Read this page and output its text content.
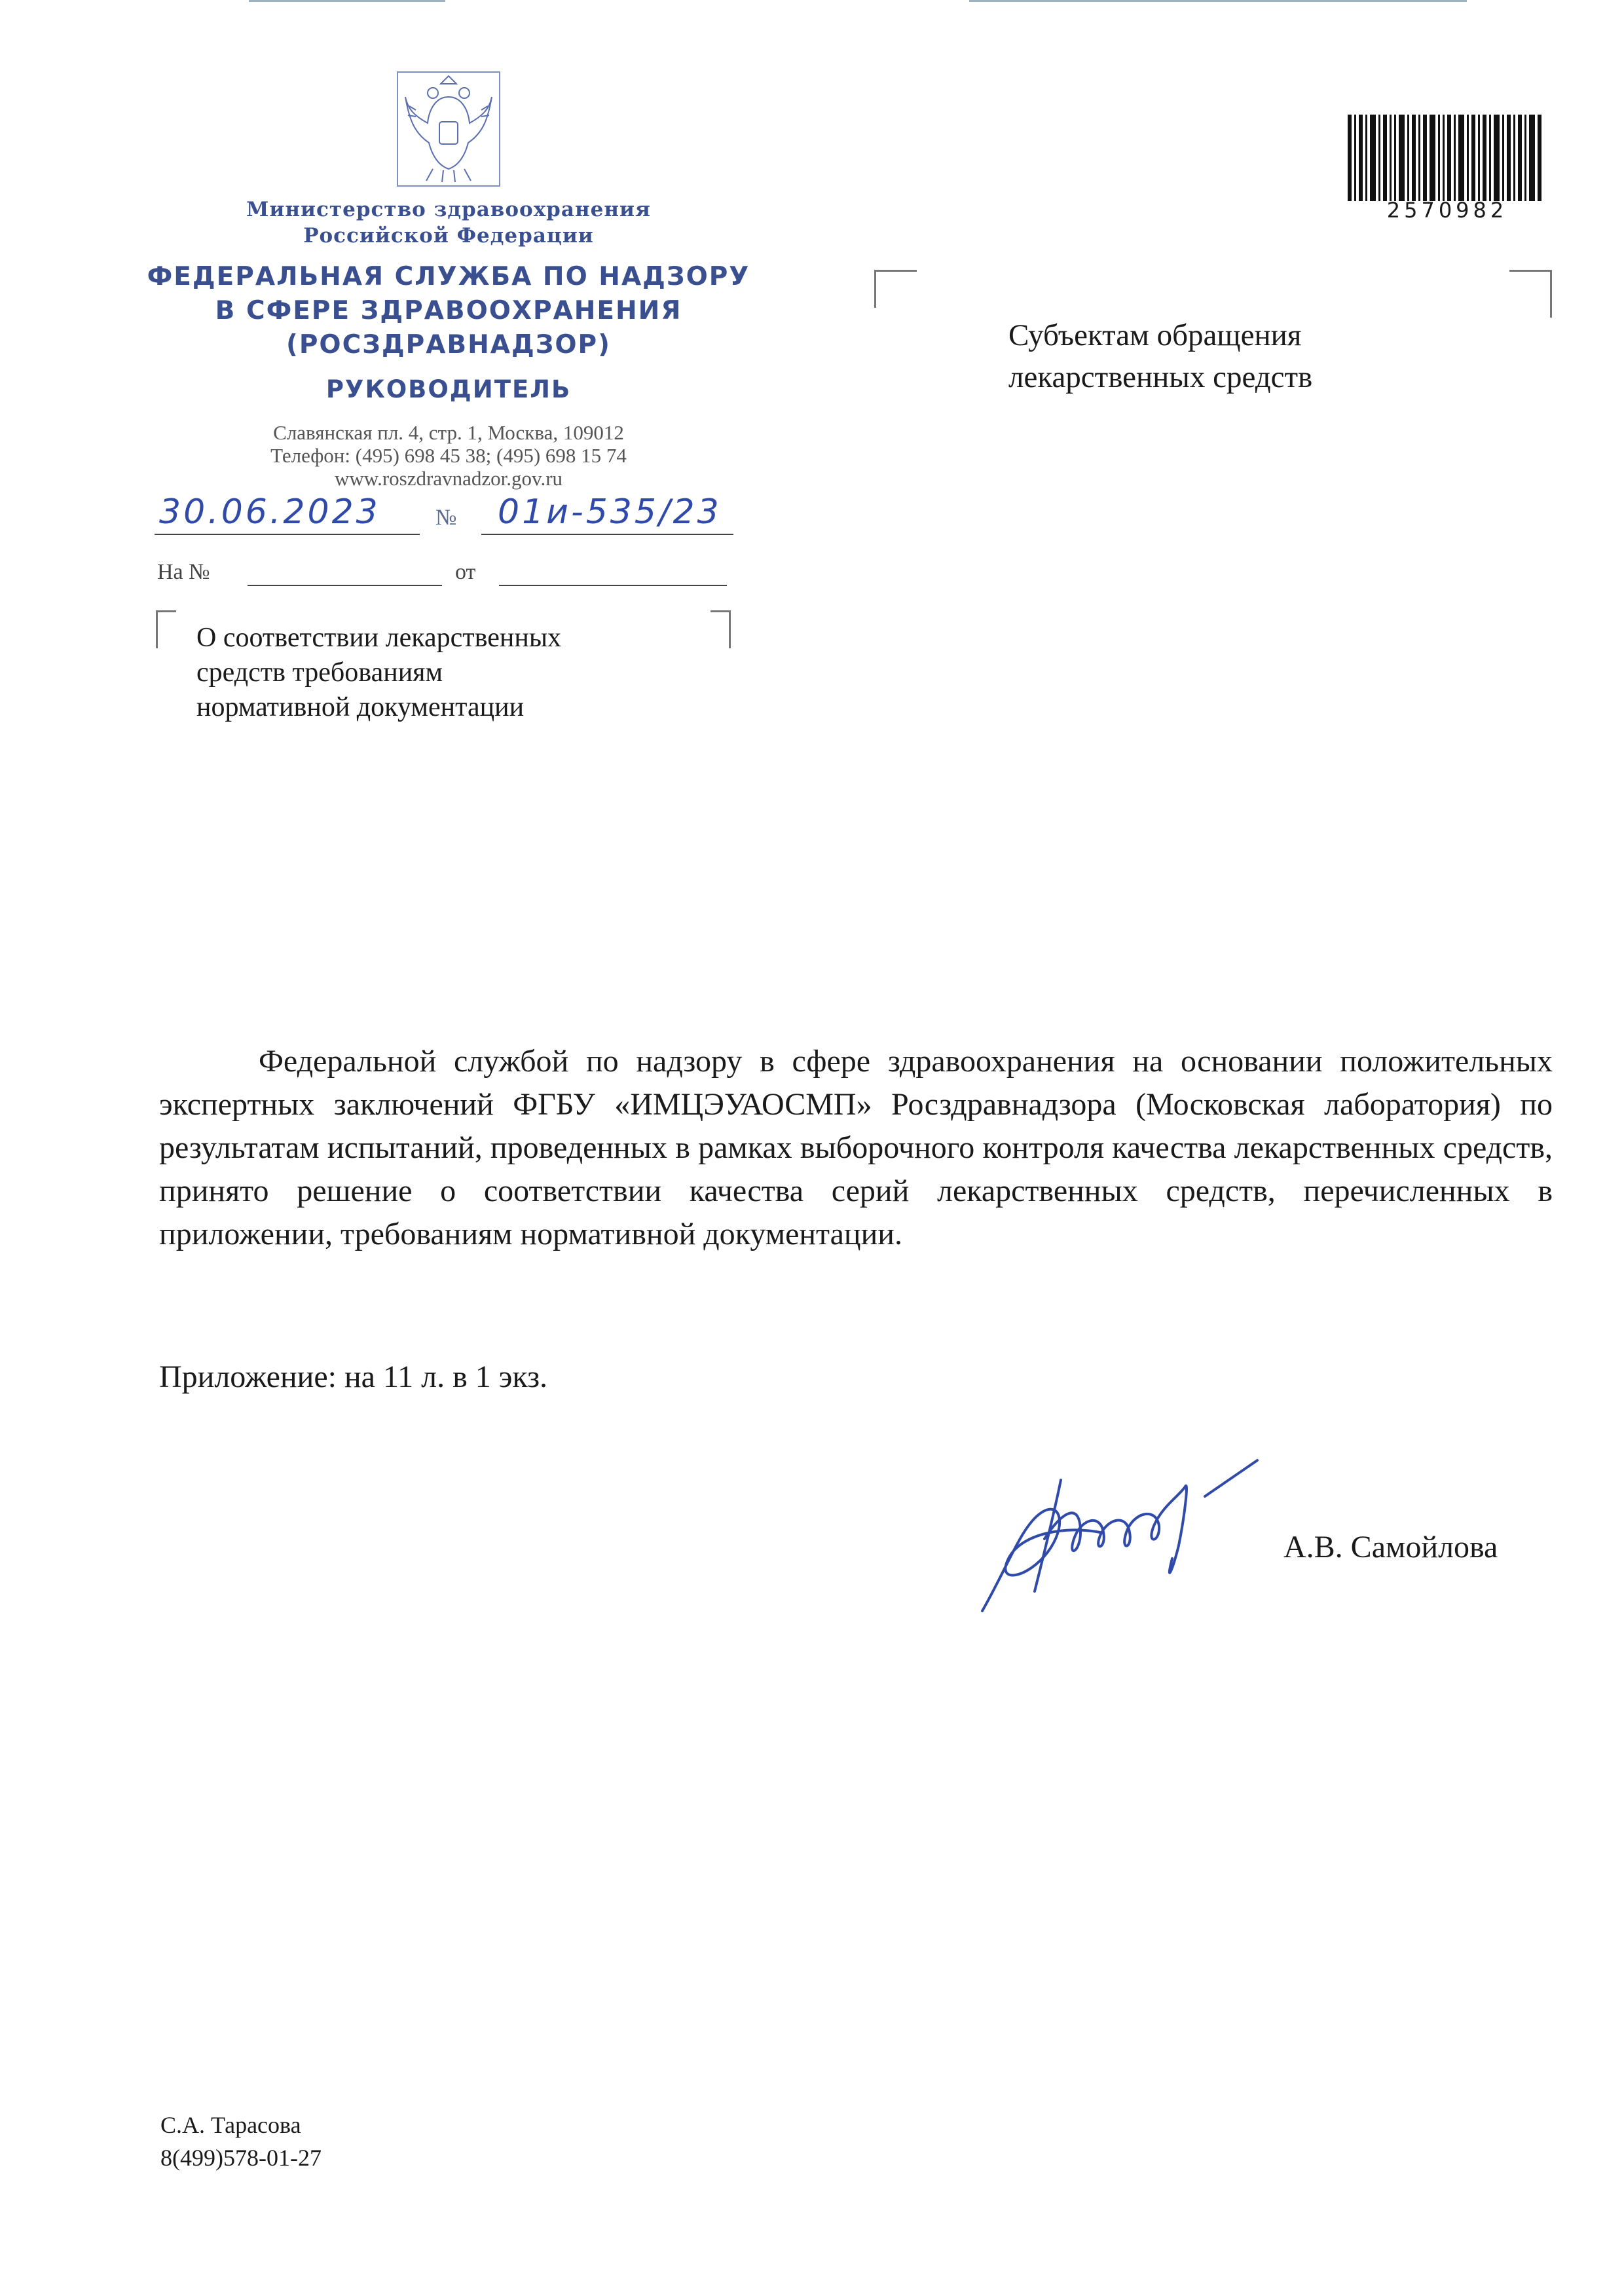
Министерство здравоохранения
Российской Федерации
ФЕДЕРАЛЬНАЯ СЛУЖБА ПО НАДЗОРУ
В СФЕРЕ ЗДРАВООХРАНЕНИЯ
(РОСЗДРАВНАДЗОР)
РУКОВОДИТЕЛЬ
Славянская пл. 4, стр. 1, Москва, 109012
Телефон: (495) 698 45 38; (495) 698 15 74
www.roszdravnadzor.gov.ru
30.06.2023 № 01и-535/23
На №	от
О соответствии лекарственных
средств требованиям
нормативной документации
Субъектам обращения
лекарственных средств
2570982
Федеральной службой по надзору в сфере здравоохранения на основании положительных экспертных заключений ФГБУ «ИМЦЭУАОСМП» Росздравнадзора (Московская лаборатория) по результатам испытаний, проведенных в рамках выборочного контроля качества лекарственных средств, принято решение о соответствии качества серий лекарственных средств, перечисленных в приложении, требованиям нормативной документации.
Приложение: на 11 л. в 1 экз.
А.В. Самойлова
С.А. Тарасова
8(499)578-01-27
